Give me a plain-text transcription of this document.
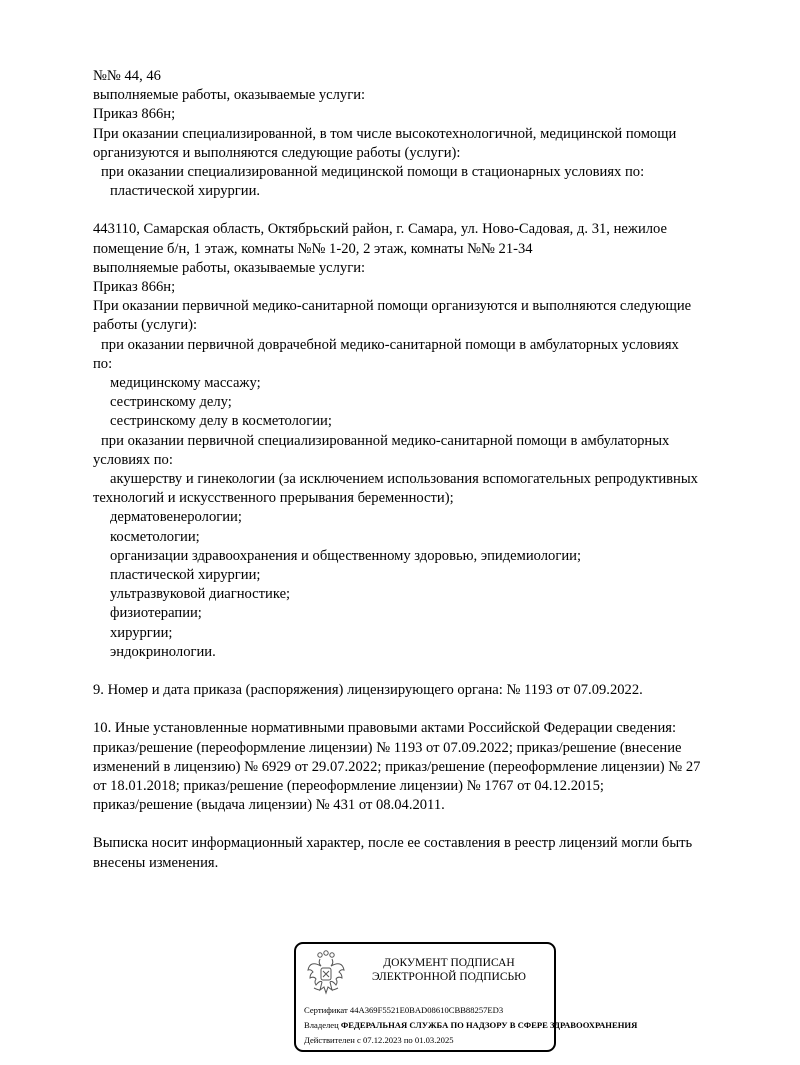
№№ 44, 46
выполняемые работы, оказываемые услуги:
Приказ 866н;
При оказании специализированной, в том числе высокотехнологичной, медицинской помощи
организуются и выполняются следующие работы (услуги):
при оказании специализированной медицинской помощи в стационарных условиях по:
пластической хирургии.
443110, Самарская область, Октябрьский район, г. Самара, ул. Ново-Садовая, д. 31, нежилое
помещение б/н, 1 этаж, комнаты №№ 1-20, 2 этаж, комнаты №№ 21-34
выполняемые работы, оказываемые услуги:
Приказ 866н;
При оказании первичной медико-санитарной помощи организуются и выполняются следующие
работы (услуги):
при оказании первичной доврачебной медико-санитарной помощи в амбулаторных условиях
по:
медицинскому массажу;
сестринскому делу;
сестринскому делу в косметологии;
при оказании первичной специализированной медико-санитарной помощи в амбулаторных
условиях по:
акушерству и гинекологии (за исключением использования вспомогательных репродуктивных
технологий и искусственного прерывания беременности);
дерматовенерологии;
косметологии;
организации здравоохранения и общественному здоровью, эпидемиологии;
пластической хирургии;
ультразвуковой диагностике;
физиотерапии;
хирургии;
эндокринологии.
9. Номер и дата приказа (распоряжения) лицензирующего органа: № 1193 от 07.09.2022.
10. Иные установленные нормативными правовыми актами Российской Федерации сведения:
приказ/решение (переоформление лицензии) № 1193 от 07.09.2022; приказ/решение (внесение
изменений в лицензию) № 6929 от 29.07.2022; приказ/решение (переоформление лицензии) № 27
от 18.01.2018; приказ/решение (переоформление лицензии) № 1767 от 04.12.2015;
приказ/решение (выдача лицензии) № 431 от 08.04.2011.
Выписка носит информационный характер, после ее составления в реестр лицензий могли быть
внесены изменения.
ДОКУМЕНТ ПОДПИСАН
ЭЛЕКТРОННОЙ ПОДПИСЬЮ
Сертификат 44A369F5521E0BAD08610CBB88257ED3
Владелец ФЕДЕРАЛЬНАЯ СЛУЖБА ПО НАДЗОРУ В СФЕРЕ ЗДРАВООХРАНЕНИЯ
Действителен с 07.12.2023 по 01.03.2025
